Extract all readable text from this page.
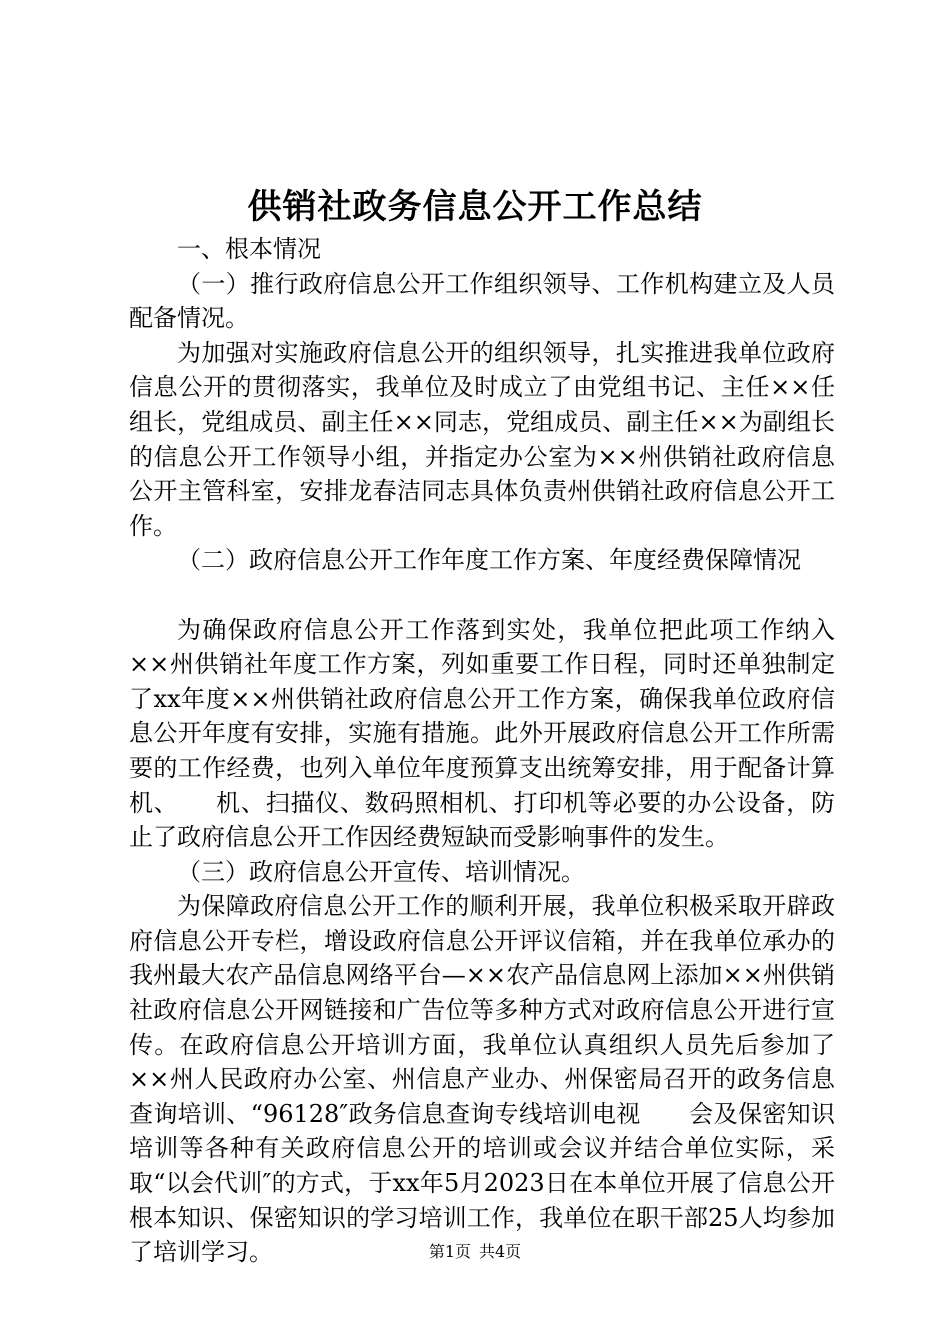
供销社政务信息公开工作总结

一、根本情况

（一）推行政府信息公开工作组织领导、工作机构建立及人员配备情况。

为加强对实施政府信息公开的组织领导，扎实推进我单位政府信息公开的贯彻落实，我单位及时成立了由党组书记、主任××任组长，党组成员、副主任××同志，党组成员、副主任××为副组长的信息公开工作领导小组，并指定办公室为××州供销社政府信息公开主管科室，安排龙春洁同志具体负责州供销社政府信息公开工作。

（二）政府信息公开工作年度工作方案、年度经费保障情况

为确保政府信息公开工作落到实处，我单位把此项工作纳入××州供销社年度工作方案，列如重要工作日程，同时还单独制定了xx年度××州供销社政府信息公开工作方案，确保我单位政府信息公开年度有安排，实施有措施。此外开展政府信息公开工作所需要的工作经费，也列入单位年度预算支出统筹安排，用于配备计算机、　　机、扫描仪、数码照相机、打印机等必要的办公设备，防止了政府信息公开工作因经费短缺而受影响事件的发生。

（三）政府信息公开宣传、培训情况。

为保障政府信息公开工作的顺利开展，我单位积极采取开辟政府信息公开专栏，增设政府信息公开评议信箱，并在我单位承办的我州最大农产品信息网络平台—××农产品信息网上添加××州供销社政府信息公开网链接和广告位等多种方式对政府信息公开进行宣传。在政府信息公开培训方面，我单位认真组织人员先后参加了××州人民政府办公室、州信息产业办、州保密局召开的政务信息查询培训、“96128″政务信息查询专线培训电视　　会及保密知识培训等各种有关政府信息公开的培训或会议并结合单位实际，采取“以会代训″的方式，于xx年5月2023日在本单位开展了信息公开根本知识、保密知识的学习培训工作，我单位在职干部25人均参加了培训学习。	第1页 共4页
